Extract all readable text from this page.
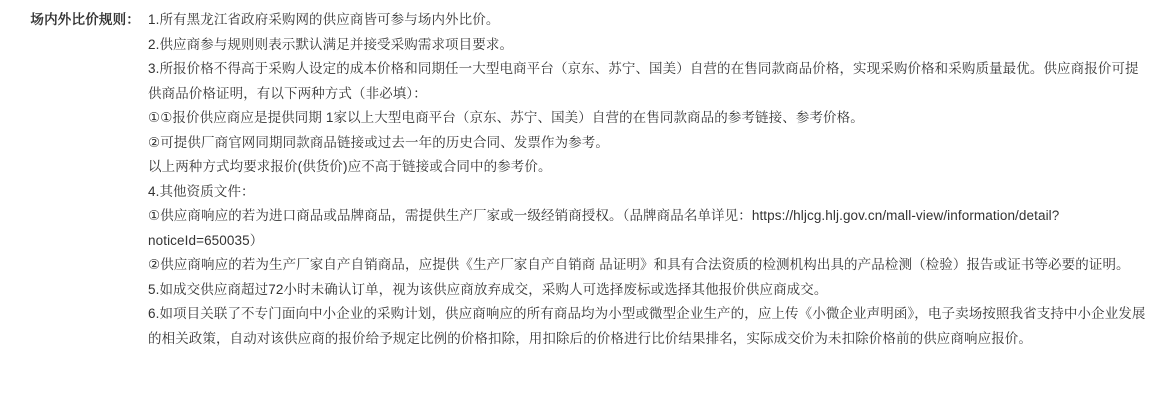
场内外比价规则： 1.所有黑龙江省政府采购网的供应商皆可参与场内外比价。

2.供应商参与规则则表示默认满足并接受采购需求项目要求。

3.所报价格不得高于采购人设定的成本价格和同期任一大型电商平台（京东、苏宁、国美）自营的在售同款商品价格，实现采购价格和采购质量最优。供应商报价可提供商品价格证明，有以下两种方式（非必填）：

①①报价供应商应是提供同期 1家以上大型电商平台（京东、苏宁、国美）自营的在售同款商品的参考链接、参考价格。

②可提供厂商官网同期同款商品链接或过去一年的历史合同、发票作为参考。

以上两种方式均要求报价(供货价)应不高于链接或合同中的参考价。

4.其他资质文件：

①供应商响应的若为进口商品或品牌商品，需提供生产厂家或一级经销商授权。（品牌商品名单详见：https://hljcg.hlj.gov.cn/mall-view/information/detail?noticeId=650035）

②供应商响应的若为生产厂家自产自销商品，应提供《生产厂家自产自销商 品证明》和具有合法资质的检测机构出具的产品检测（检验）报告或证书等必要的证明。

5.如成交供应商超过72小时未确认订单，视为该供应商放弃成交，采购人可选择废标或选择其他报价供应商成交。

6.如项目关联了不专门面向中小企业的采购计划，供应商响应的所有商品均为小型或微型企业生产的，应上传《小微企业声明函》，电子卖场按照我省支持中小企业发展的相关政策，自动对该供应商的报价给予规定比例的价格扣除，用扣除后的价格进行比价结果排名，实际成交价为未扣除价格前的供应商响应报价。
